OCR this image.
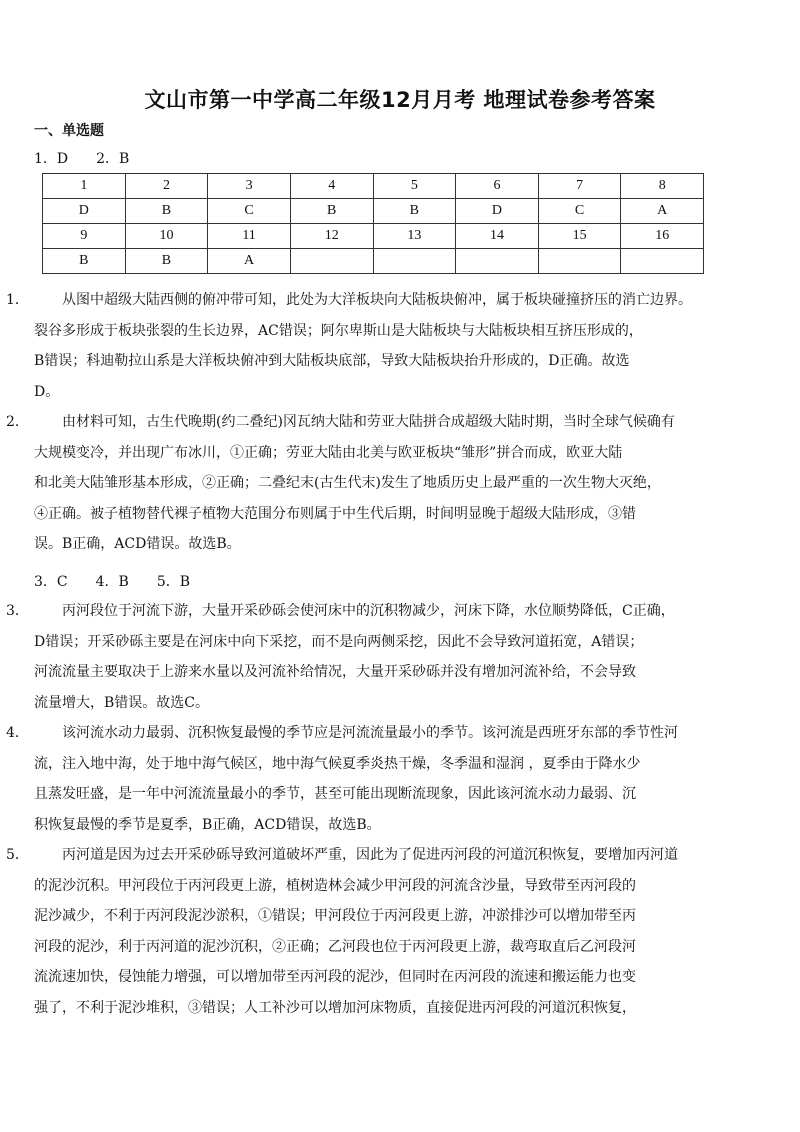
文山市第一中学高二年级12月月考 地理试卷参考答案
一、单选题
1．D　　2．B
1	2	3	4	5	6	7	8
D	B	C	B	B	D	C	A
9	10	11	12	13	14	15	16
B	B	A					

1． 从图中超级大陆西侧的俯冲带可知，此处为大洋板块向大陆板块俯冲，属于板块碰撞挤压的消亡边界。

裂谷多形成于板块张裂的生长边界，AC错误；阿尔卑斯山是大陆板块与大陆板块相互挤压形成的，

B错误；科迪勒拉山系是大洋板块俯冲到大陆板块底部，导致大陆板块抬升形成的，D正确。故选

D。

2． 由材料可知，古生代晚期(约二叠纪)冈瓦纳大陆和劳亚大陆拼合成超级大陆时期，当时全球气候确有

大规模变冷，并出现广布冰川，①正确；劳亚大陆由北美与欧亚板块“雏形”拼合而成，欧亚大陆

和北美大陆雏形基本形成，②正确；二叠纪末(古生代末)发生了地质历史上最严重的一次生物大灭绝，

④正确。被子植物替代裸子植物大范围分布则属于中生代后期，时间明显晚于超级大陆形成，③错

误。B正确，ACD错误。故选B。

3．C　　4．B　　5．B

3． 丙河段位于河流下游，大量开采砂砾会使河床中的沉积物减少，河床下降，水位顺势降低，C正确，

D错误；开采砂砾主要是在河床中向下采挖，而不是向两侧采挖，因此不会导致河道拓宽，A错误；

河流流量主要取决于上游来水量以及河流补给情况，大量开采砂砾并没有增加河流补给，不会导致

流量增大，B错误。故选C。

4． 该河流水动力最弱、沉积恢复最慢的季节应是河流流量最小的季节。该河流是西班牙东部的季节性河

流，注入地中海，处于地中海气候区，地中海气候夏季炎热干燥，冬季温和湿润 ，夏季由于降水少

且蒸发旺盛，是一年中河流流量最小的季节，甚至可能出现断流现象，因此该河流水动力最弱、沉

积恢复最慢的季节是夏季，B正确，ACD错误，故选B。

5． 丙河道是因为过去开采砂砾导致河道破坏严重，因此为了促进丙河段的河道沉积恢复，要增加丙河道

的泥沙沉积。甲河段位于丙河段更上游，植树造林会减少甲河段的河流含沙量，导致带至丙河段的

泥沙减少，不利于丙河段泥沙淤积，①错误；甲河段位于丙河段更上游，冲淤排沙可以增加带至丙

河段的泥沙，利于丙河道的泥沙沉积，②正确；乙河段也位于丙河段更上游，裁弯取直后乙河段河

流流速加快，侵蚀能力增强，可以增加带至丙河段的泥沙，但同时在丙河段的流速和搬运能力也变

强了，不利于泥沙堆积，③错误；人工补沙可以增加河床物质，直接促进丙河段的河道沉积恢复，
